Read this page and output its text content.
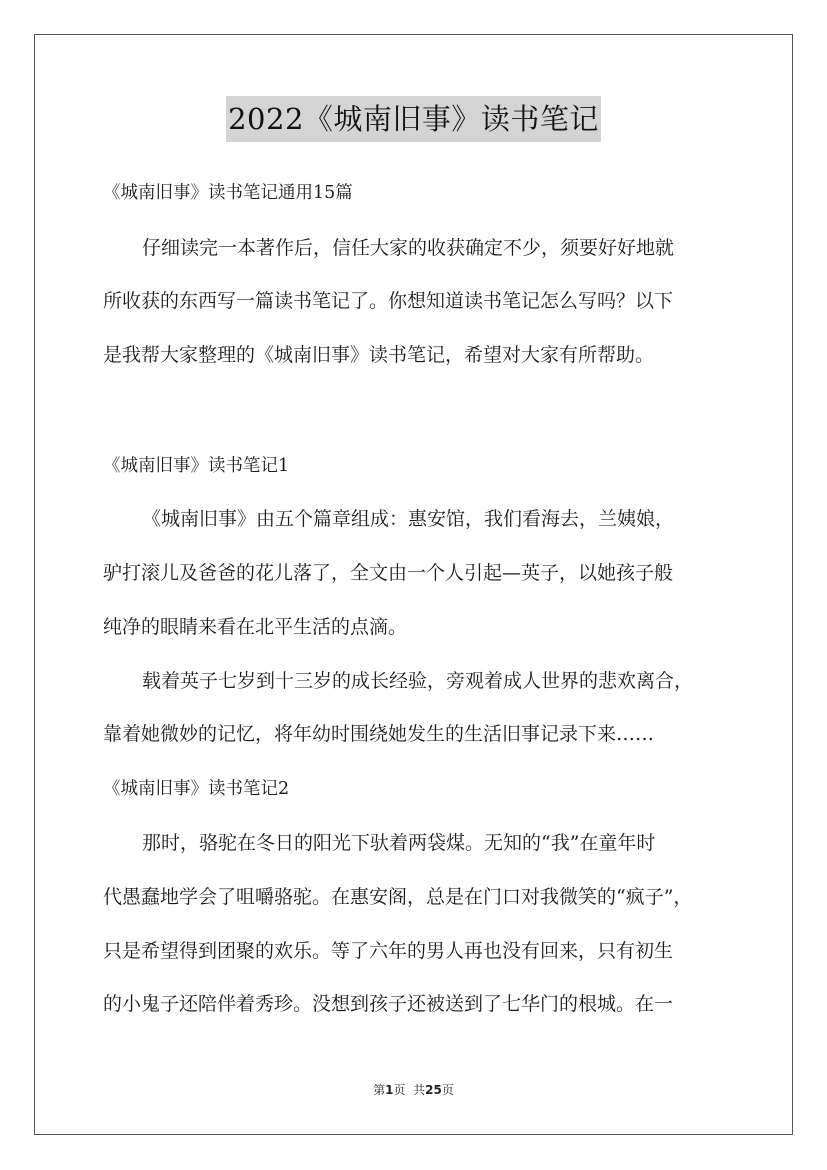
2022《城南旧事》读书笔记
《城南旧事》读书笔记通用15篇
仔细读完一本著作后，信任大家的收获确定不少，须要好好地就
所收获的东西写一篇读书笔记了。你想知道读书笔记怎么写吗？以下
是我帮大家整理的《城南旧事》读书笔记，希望对大家有所帮助。
《城南旧事》读书笔记1
《城南旧事》由五个篇章组成：惠安馆，我们看海去，兰姨娘，
驴打滚儿及爸爸的花儿落了，全文由一个人引起—英子，以她孩子般
纯净的眼睛来看在北平生活的点滴。
载着英子七岁到十三岁的成长经验，旁观着成人世界的悲欢离合，
靠着她微妙的记忆，将年幼时围绕她发生的生活旧事记录下来……
《城南旧事》读书笔记2
那时，骆驼在冬日的阳光下驮着两袋煤。无知的“我”在童年时
代愚蠢地学会了咀嚼骆驼。在惠安阁，总是在门口对我微笑的“疯子”，
只是希望得到团聚的欢乐。等了六年的男人再也没有回来，只有初生
的小鬼子还陪伴着秀珍。没想到孩子还被送到了七华门的根城。在一
第1页  共25页
